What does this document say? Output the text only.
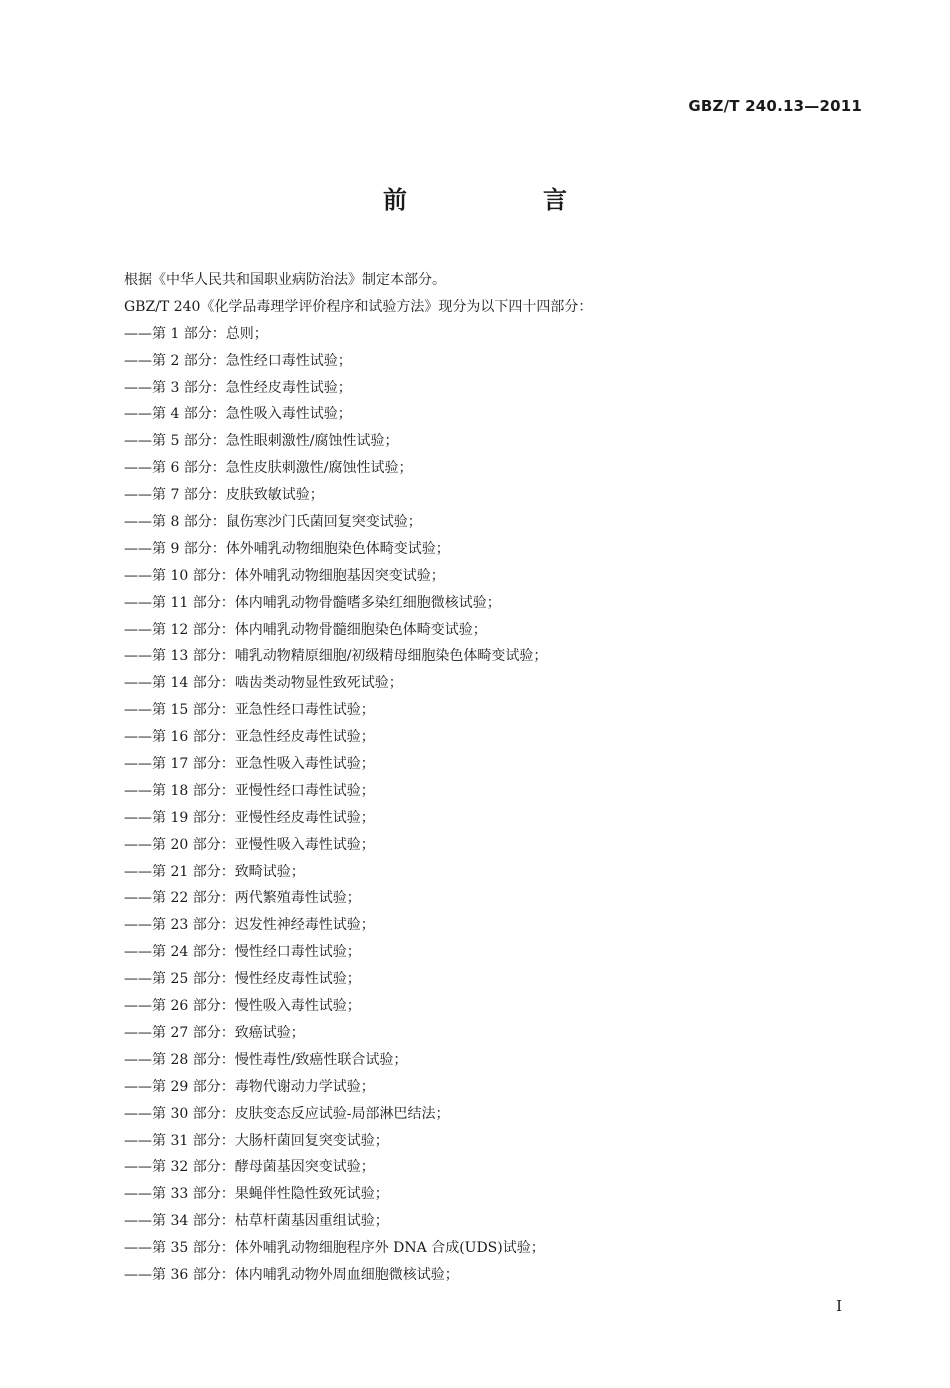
GBZ/T 240.13—2011
前　言
根据《中华人民共和国职业病防治法》制定本部分。
GBZ/T 240《化学品毒理学评价程序和试验方法》现分为以下四十四部分：
——第 1 部分：总则；
——第 2 部分：急性经口毒性试验；
——第 3 部分：急性经皮毒性试验；
——第 4 部分：急性吸入毒性试验；
——第 5 部分：急性眼刺激性/腐蚀性试验；
——第 6 部分：急性皮肤刺激性/腐蚀性试验；
——第 7 部分：皮肤致敏试验；
——第 8 部分：鼠伤寒沙门氏菌回复突变试验；
——第 9 部分：体外哺乳动物细胞染色体畸变试验；
——第 10 部分：体外哺乳动物细胞基因突变试验；
——第 11 部分：体内哺乳动物骨髓嗜多染红细胞微核试验；
——第 12 部分：体内哺乳动物骨髓细胞染色体畸变试验；
——第 13 部分：哺乳动物精原细胞/初级精母细胞染色体畸变试验；
——第 14 部分：啮齿类动物显性致死试验；
——第 15 部分：亚急性经口毒性试验；
——第 16 部分：亚急性经皮毒性试验；
——第 17 部分：亚急性吸入毒性试验；
——第 18 部分：亚慢性经口毒性试验；
——第 19 部分：亚慢性经皮毒性试验；
——第 20 部分：亚慢性吸入毒性试验；
——第 21 部分：致畸试验；
——第 22 部分：两代繁殖毒性试验；
——第 23 部分：迟发性神经毒性试验；
——第 24 部分：慢性经口毒性试验；
——第 25 部分：慢性经皮毒性试验；
——第 26 部分：慢性吸入毒性试验；
——第 27 部分：致癌试验；
——第 28 部分：慢性毒性/致癌性联合试验；
——第 29 部分：毒物代谢动力学试验；
——第 30 部分：皮肤变态反应试验-局部淋巴结法；
——第 31 部分：大肠杆菌回复突变试验；
——第 32 部分：酵母菌基因突变试验；
——第 33 部分：果蝇伴性隐性致死试验；
——第 34 部分：枯草杆菌基因重组试验；
——第 35 部分：体外哺乳动物细胞程序外 DNA 合成(UDS)试验；
——第 36 部分：体内哺乳动物外周血细胞微核试验；
I
